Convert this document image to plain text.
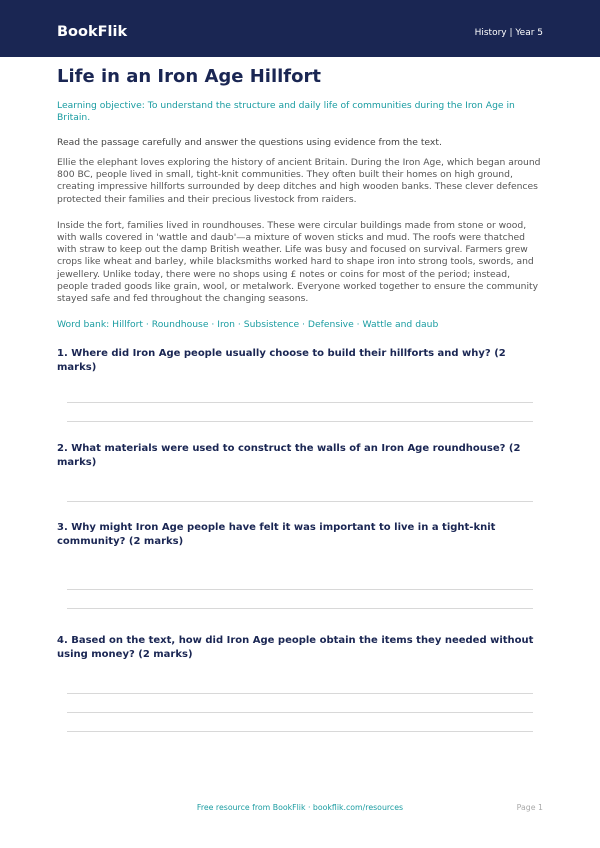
BookFlik	History | Year 5
Life in an Iron Age Hillfort
Learning objective: To understand the structure and daily life of communities during the Iron Age in Britain.
Read the passage carefully and answer the questions using evidence from the text.

Ellie the elephant loves exploring the history of ancient Britain. During the Iron Age, which began around 800 BC, people lived in small, tight-knit communities. They often built their homes on high ground, creating impressive hillforts surrounded by deep ditches and high wooden banks. These clever defences protected their families and their precious livestock from raiders.

Inside the fort, families lived in roundhouses. These were circular buildings made from stone or wood, with walls covered in 'wattle and daub'—a mixture of woven sticks and mud. The roofs were thatched with straw to keep out the damp British weather. Life was busy and focused on survival. Farmers grew crops like wheat and barley, while blacksmiths worked hard to shape iron into strong tools, swords, and jewellery. Unlike today, there were no shops using £ notes or coins for most of the period; instead, people traded goods like grain, wool, or metalwork. Everyone worked together to ensure the community stayed safe and fed throughout the changing seasons.

Word bank: Hillfort · Roundhouse · Iron · Subsistence · Defensive · Wattle and daub

1. Where did Iron Age people usually choose to build their hillforts and why? (2 marks)

2. What materials were used to construct the walls of an Iron Age roundhouse? (2 marks)

3. Why might Iron Age people have felt it was important to live in a tight-knit community? (2 marks)

4. Based on the text, how did Iron Age people obtain the items they needed without using money? (2 marks)

Free resource from BookFlik · bookflik.com/resources	Page 1
